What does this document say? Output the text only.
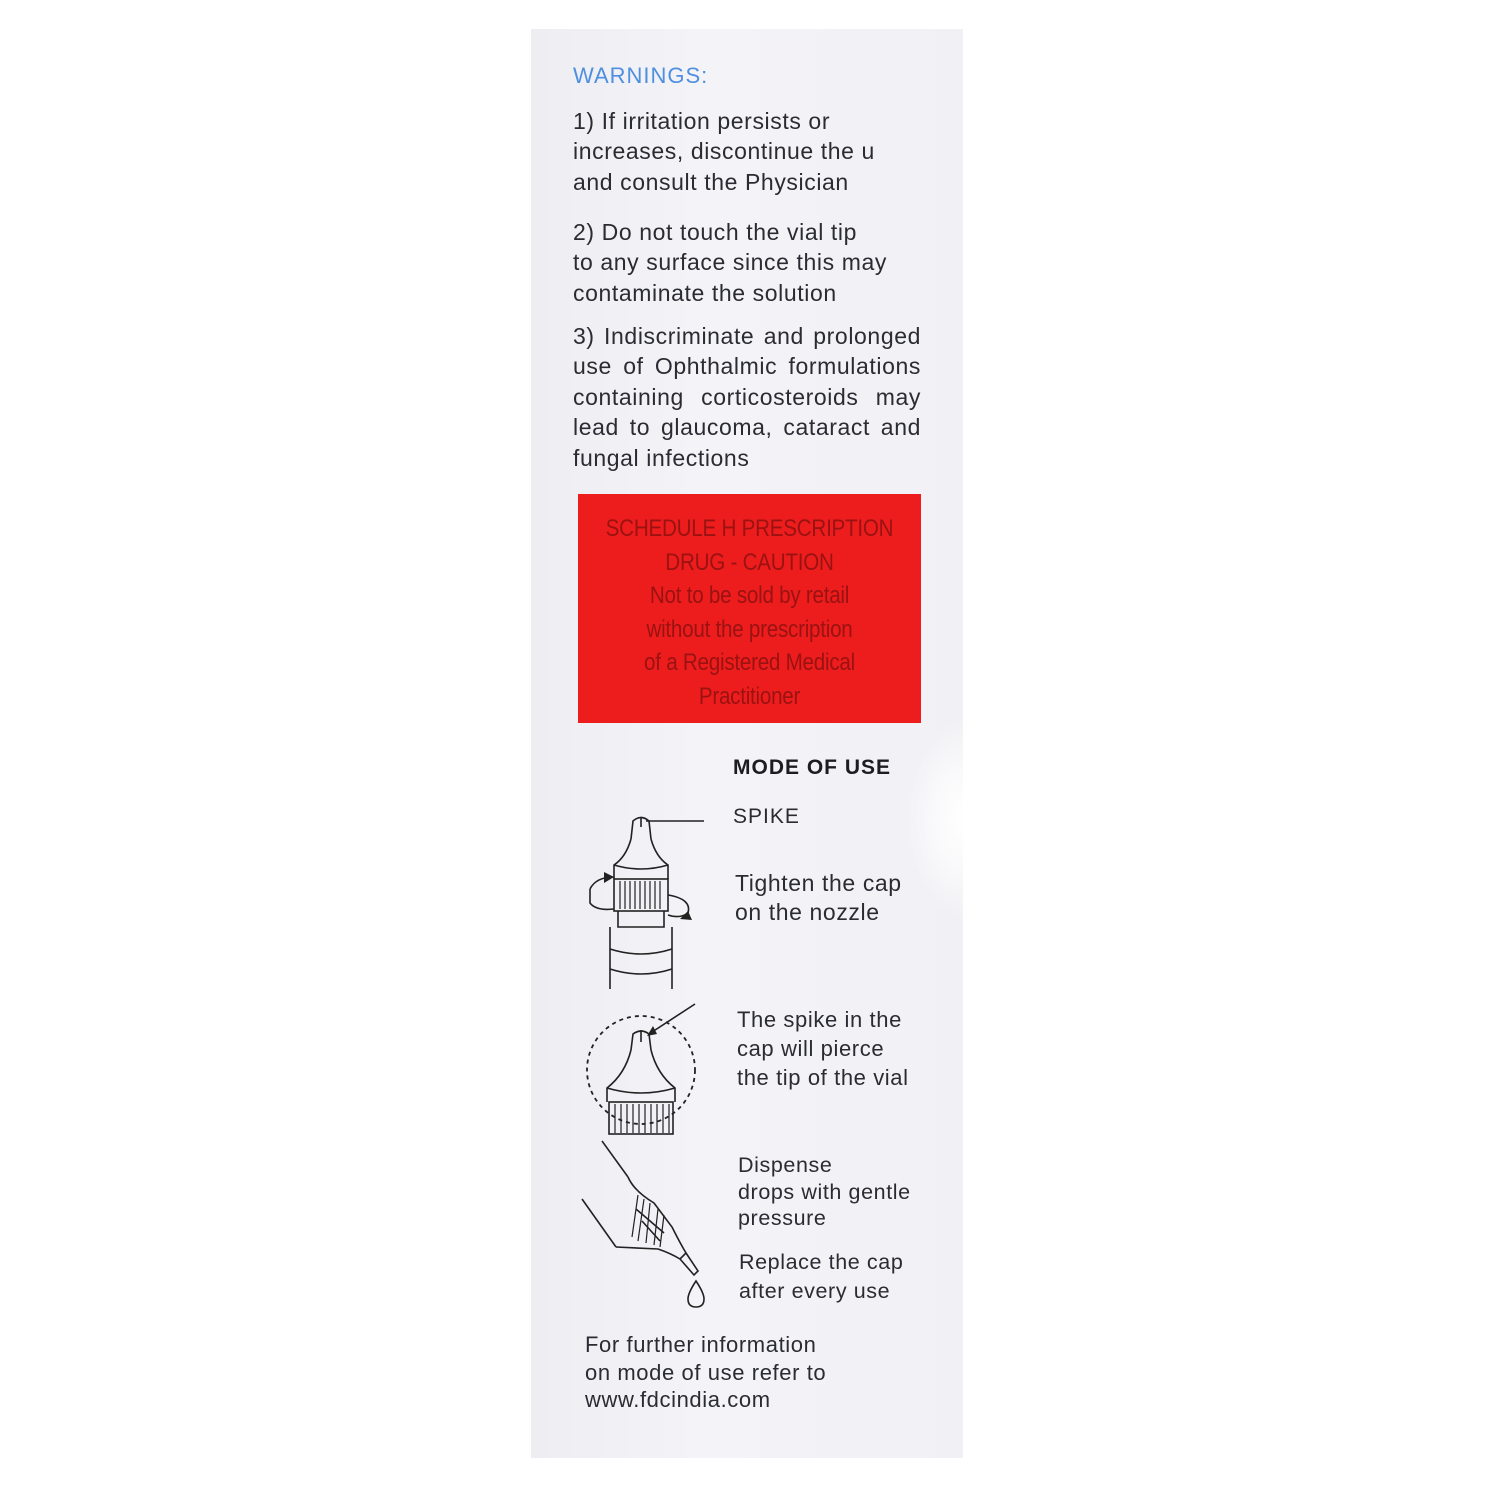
WARNINGS:

1) If irritation persists or
increases, discontinue the u
and consult the Physician
2) Do not touch the vial tip
to any surface since this may
contaminate the solution
3) Indiscriminate and prolonged
use of Ophthalmic formulations
containing corticosteroids may
lead to glaucoma, cataract and
fungal infections
SCHEDULE H PRESCRIPTION
DRUG - CAUTION
Not to be sold by retail
without the prescription
of a Registered Medical
Practitioner

MODE OF USE

SPIKE

Tighten the cap
on the nozzle
The spike in the
cap will pierce
the tip of the vial
Dispense
drops with gentle
pressure
Replace the cap
after every use
For further information
on mode of use refer to
www.fdcindia.com
